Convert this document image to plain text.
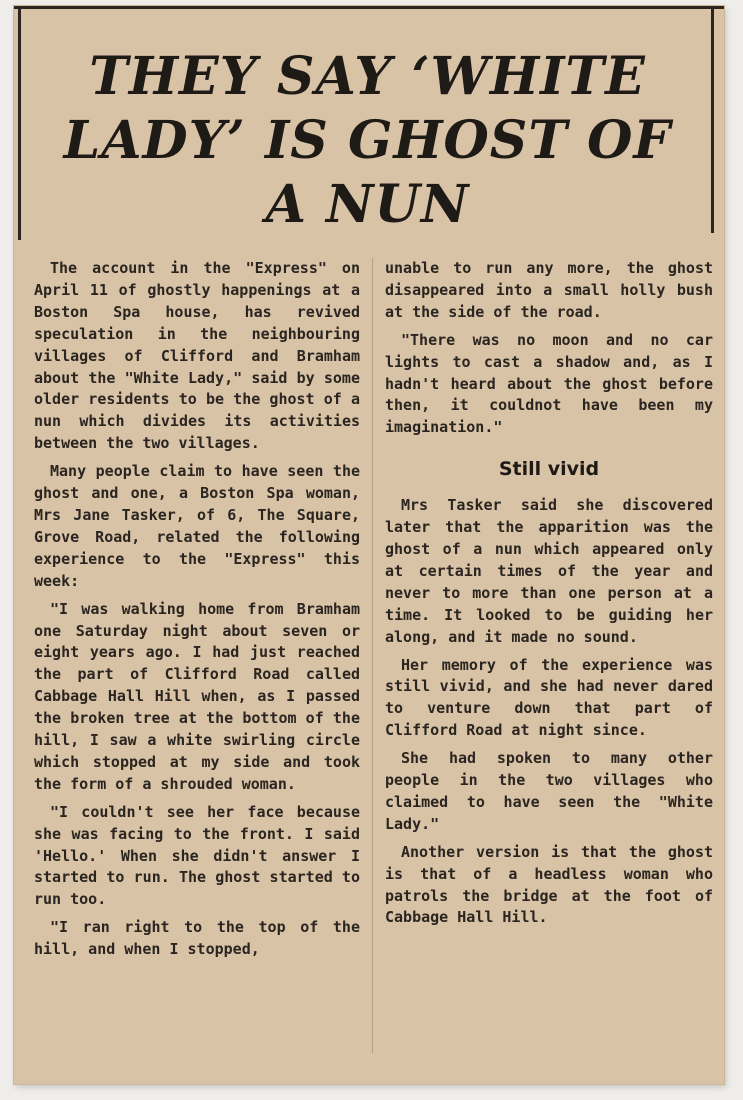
THEY SAY ‘WHITE LADY’ IS GHOST OF A NUN

The account in the "Express" on April 11 of ghostly happenings at a Boston Spa house, has revived speculation in the neighbouring villages of Clifford and Bramham about the "White Lady," said by some older residents to be the ghost of a nun which divides its activities between the two villages.

Many people claim to have seen the ghost and one, a Boston Spa woman, Mrs Jane Tasker, of 6, The Square, Grove Road, related the following experience to the "Express" this week:

"I was walking home from Bramham one Saturday night about seven or eight years ago. I had just reached the part of Clifford Road called Cabbage Hall Hill when, as I passed the broken tree at the bottom of the hill, I saw a white swirling circle which stopped at my side and took the form of a shrouded woman.

"I couldn't see her face because she was facing to the front. I said 'Hello.' When she didn't answer I started to run. The ghost started to run too.

"I ran right to the top of the hill, and when I stopped,

unable to run any more, the ghost disappeared into a small holly bush at the side of the road.

"There was no moon and no car lights to cast a shadow and, as I hadn't heard about the ghost before then, it couldnot have been my imagination."

Still vivid

Mrs Tasker said she discovered later that the apparition was the ghost of a nun which appeared only at certain times of the year and never to more than one person at a time. It looked to be guiding her along, and it made no sound.

Her memory of the experience was still vivid, and she had never dared to venture down that part of Clifford Road at night since.

She had spoken to many other people in the two villages who claimed to have seen the "White Lady."

Another version is that the ghost is that of a headless woman who patrols the bridge at the foot of Cabbage Hall Hill.
